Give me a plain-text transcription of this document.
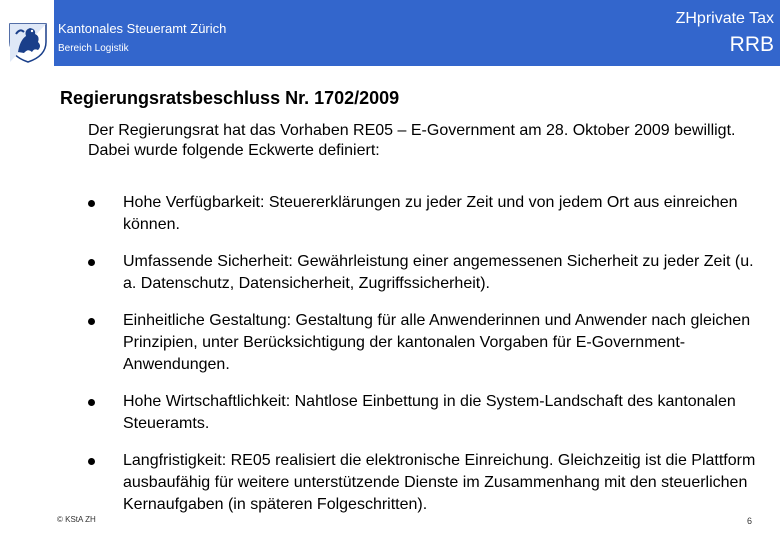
Kantonales Steueramt Zürich
Bereich Logistik
ZHprivate Tax
RRB
Regierungsratsbeschluss Nr. 1702/2009
Der Regierungsrat hat das Vorhaben RE05 – E-Government am 28. Oktober 2009 bewilligt. Dabei wurde folgende Eckwerte definiert:
Hohe Verfügbarkeit: Steuererklärungen zu jeder Zeit und von jedem Ort aus einreichen können.
Umfassende Sicherheit: Gewährleistung einer angemessenen Sicherheit zu jeder Zeit (u. a. Datenschutz, Datensicherheit, Zugriffssicherheit).
Einheitliche Gestaltung: Gestaltung für alle Anwenderinnen und Anwender nach gleichen Prinzipien, unter Berücksichtigung der kantonalen Vorgaben für E-Government-Anwendungen.
Hohe Wirtschaftlichkeit: Nahtlose Einbettung in die System-Landschaft des kantonalen Steueramts.
Langfristigkeit: RE05 realisiert die elektronische Einreichung. Gleichzeitig ist die Plattform ausbaufähig für weitere unterstützende Dienste im Zusammenhang mit den steuerlichen Kernaufgaben (in späteren Folgeschritten).
© KStA ZH	6
